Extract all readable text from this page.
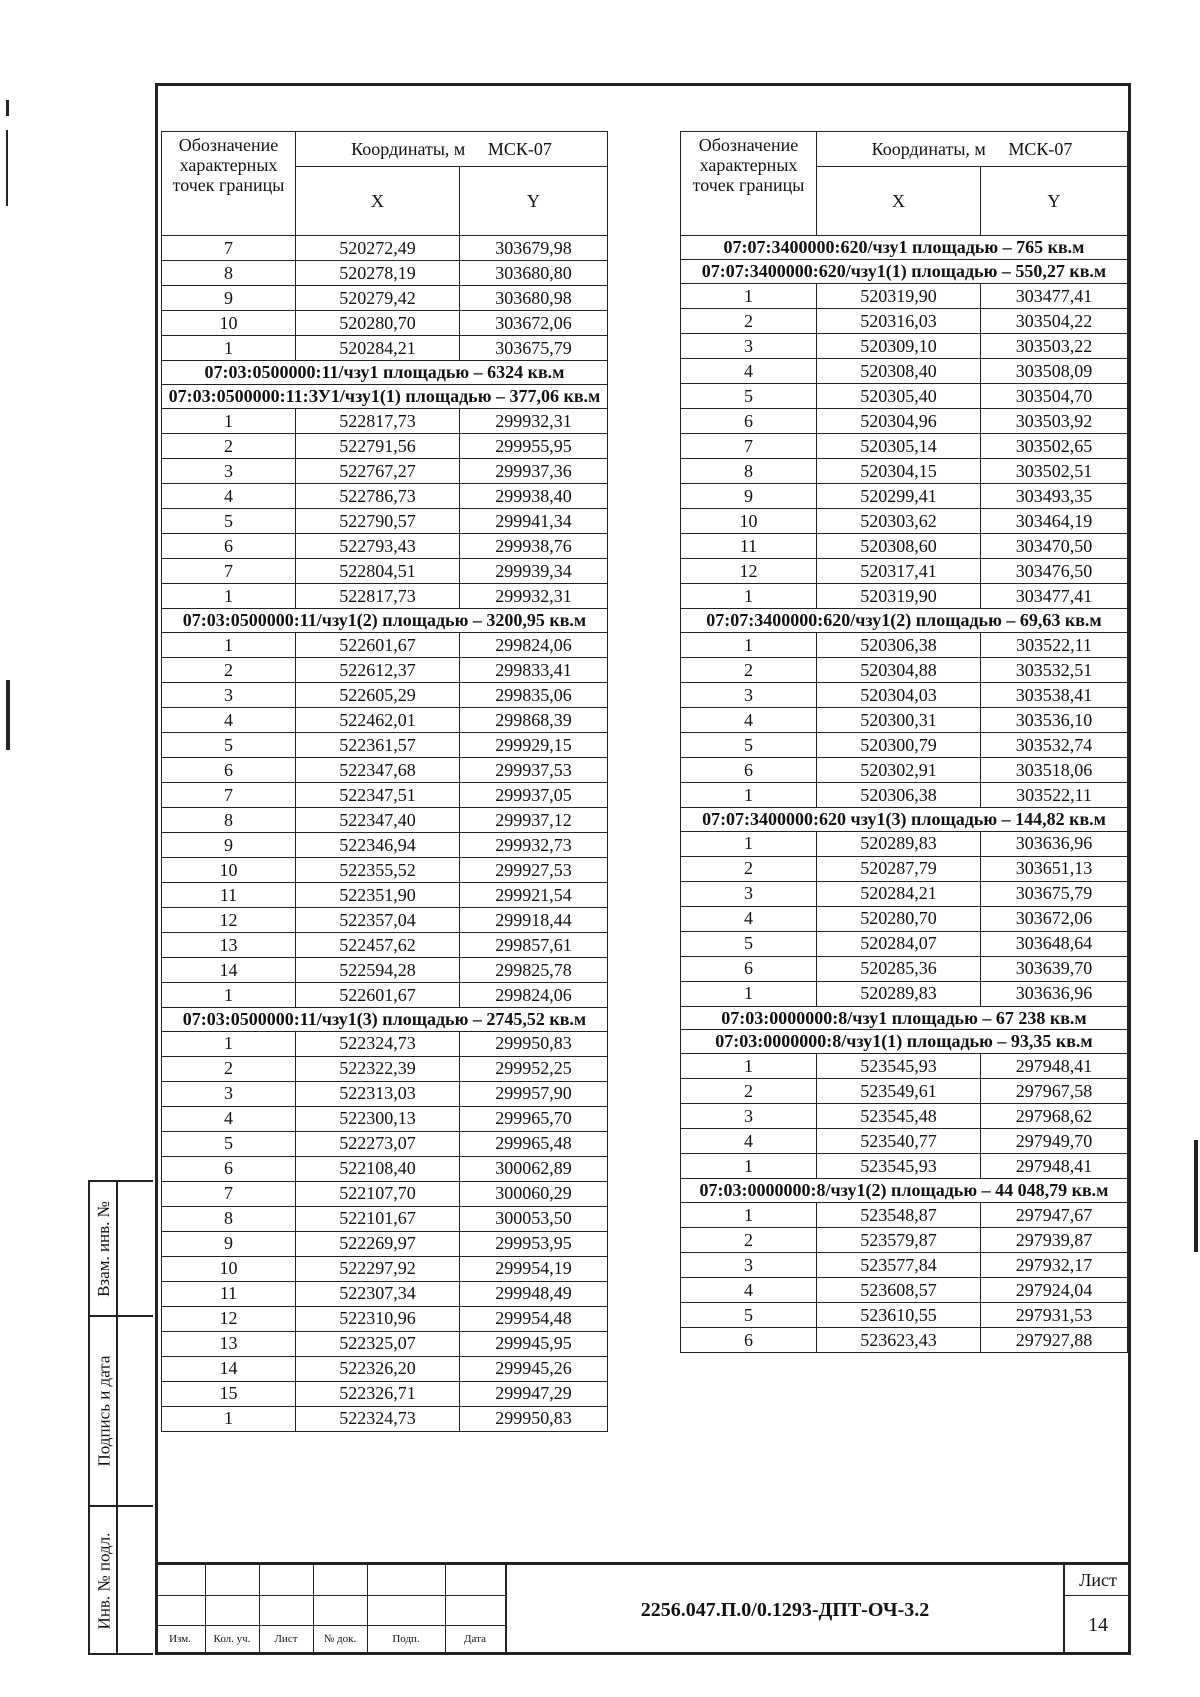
Обозначение характерных точек границы	Координаты, м МСК-07	
	X	Y
7	520272,49	303679,98
8	520278,19	303680,80
9	520279,42	303680,98
10	520280,70	303672,06
1	520284,21	303675,79
07:03:0500000:11/чзу1 площадью – 6324 кв.м		
07:03:0500000:11:ЗУ1/чзу1(1) площадью – 377,06 кв.м		
1	522817,73	299932,31
2	522791,56	299955,95
3	522767,27	299937,36
4	522786,73	299938,40
5	522790,57	299941,34
6	522793,43	299938,76
7	522804,51	299939,34
1	522817,73	299932,31
07:03:0500000:11/чзу1(2) площадью – 3200,95 кв.м		
1	522601,67	299824,06
2	522612,37	299833,41
3	522605,29	299835,06
4	522462,01	299868,39
5	522361,57	299929,15
6	522347,68	299937,53
7	522347,51	299937,05
8	522347,40	299937,12
9	522346,94	299932,73
10	522355,52	299927,53
11	522351,90	299921,54
12	522357,04	299918,44
13	522457,62	299857,61
14	522594,28	299825,78
1	522601,67	299824,06
07:03:0500000:11/чзу1(3) площадью – 2745,52 кв.м		
1	522324,73	299950,83
2	522322,39	299952,25
3	522313,03	299957,90
4	522300,13	299965,70
5	522273,07	299965,48
6	522108,40	300062,89
7	522107,70	300060,29
8	522101,67	300053,50
9	522269,97	299953,95
10	522297,92	299954,19
11	522307,34	299948,49
12	522310,96	299954,48
13	522325,07	299945,95
14	522326,20	299945,26
15	522326,71	299947,29
1	522324,73	299950,83
Обозначение характерных точек границы	Координаты, м МСК-07	
	X	Y
07:07:3400000:620/чзу1 площадью – 765 кв.м		
07:07:3400000:620/чзу1(1) площадью – 550,27 кв.м		
1	520319,90	303477,41
2	520316,03	303504,22
3	520309,10	303503,22
4	520308,40	303508,09
5	520305,40	303504,70
6	520304,96	303503,92
7	520305,14	303502,65
8	520304,15	303502,51
9	520299,41	303493,35
10	520303,62	303464,19
11	520308,60	303470,50
12	520317,41	303476,50
1	520319,90	303477,41
07:07:3400000:620/чзу1(2) площадью – 69,63 кв.м		
1	520306,38	303522,11
2	520304,88	303532,51
3	520304,03	303538,41
4	520300,31	303536,10
5	520300,79	303532,74
6	520302,91	303518,06
1	520306,38	303522,11
07:07:3400000:620 чзу1(3) площадью – 144,82 кв.м		
1	520289,83	303636,96
2	520287,79	303651,13
3	520284,21	303675,79
4	520280,70	303672,06
5	520284,07	303648,64
6	520285,36	303639,70
1	520289,83	303636,96
07:03:0000000:8/чзу1 площадью – 67 238 кв.м		
07:03:0000000:8/чзу1(1) площадью – 93,35 кв.м		
1	523545,93	297948,41
2	523549,61	297967,58
3	523545,48	297968,62
4	523540,77	297949,70
1	523545,93	297948,41
07:03:0000000:8/чзу1(2) площадью – 44 048,79 кв.м		
1	523548,87	297947,67
2	523579,87	297939,87
3	523577,84	297932,17
4	523608,57	297924,04
5	523610,55	297931,53
6	523623,43	297927,88
Взам. инв. №
Подпись и дата
Инв. № подл.
Изм.	Кол. уч.	Лист	№ док.	Подп.	Дата
2256.047.П.0/0.1293-ДПТ-ОЧ-3.2
Лист
14
